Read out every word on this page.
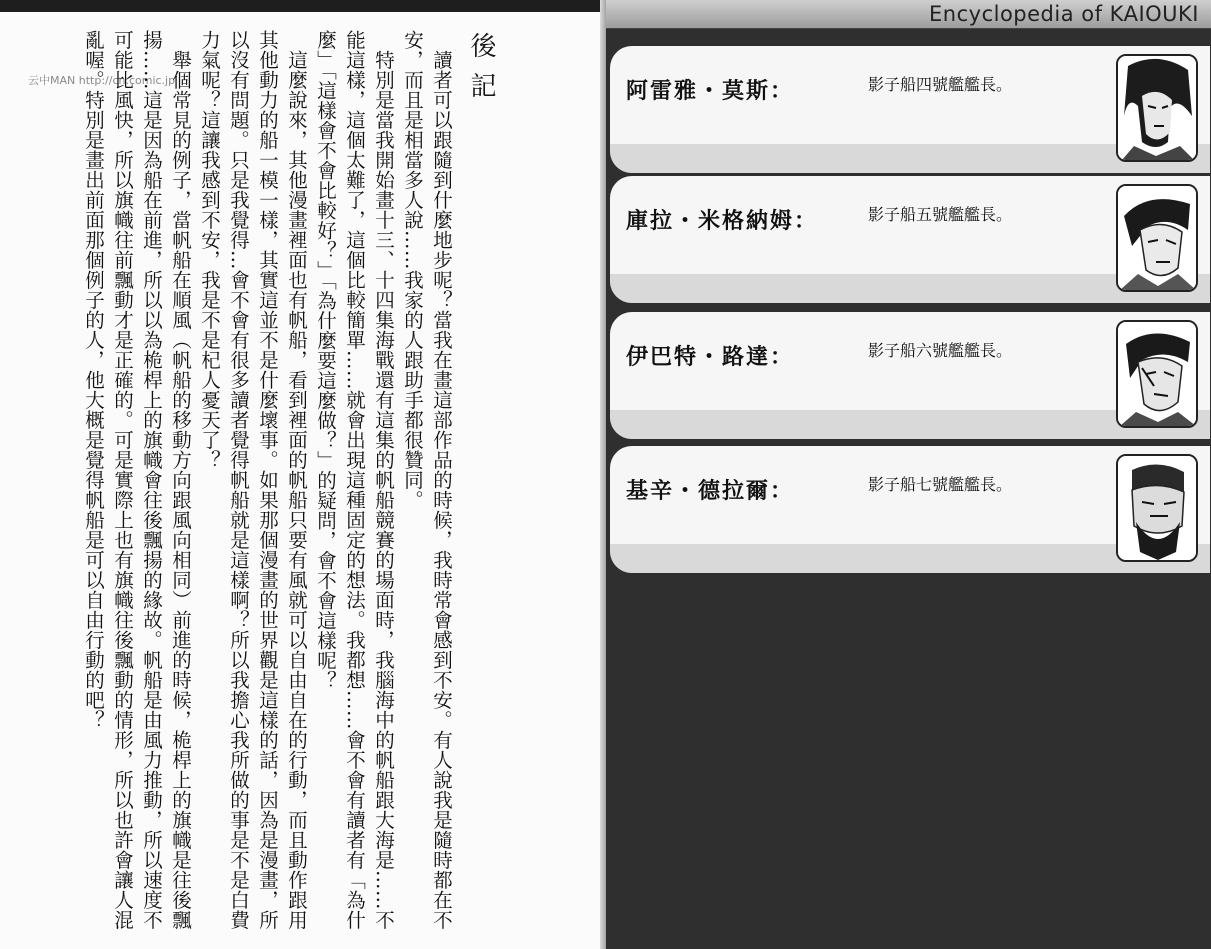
云中MAN http://cn.comic.jp	後記

讀者可以跟隨到什麼地步呢？當我在畫這部作品的時候，我時常會感到不安。有人說我是隨時都在不安，而且是相當多人說……我家的人跟助手都很贊同。

特別是當我開始畫十三、十四集海戰還有這集的帆船競賽的場面時，我腦海中的帆船跟大海是……不能這樣，這個太難了，這個比較簡單……就會出現這種固定的想法。我都想……會不會有讀者有「為什麼」「這樣會不會比較好？」「為什麼要這麼做？」的疑問，會不會這樣呢？

這麼說來，其他漫畫裡面也有帆船，看到裡面的帆船只要有風就可以自由自在的行動，而且動作跟用其他動力的船一模一樣，其實這並不是什麼壞事。如果那個漫畫的世界觀是這樣的話，因為是漫畫，所以沒有問題。只是我覺得…會不會有很多讀者覺得帆船就是這樣啊？所以我擔心我所做的事是不是白費力氣呢？這讓我感到不安，我是不是杞人憂天了？

舉個常見的例子，當帆船在順風（帆船的移動方向跟風向相同）前進的時候，桅桿上的旗幟是往後飄揚……這是因為船在前進，所以以為桅桿上的旗幟會往後飄揚的緣故。帆船是由風力推動，所以速度不可能比風快，所以旗幟往前飄動才是正確的。可是實際上也有旗幟往後飄動的情形，所以也許會讓人混亂喔。特別是畫出前面那個例子的人，他大概是覺得帆船是可以自由行動的吧？

Encyclopedia of KAIOUKI
阿雷雅・莫斯：	影子船四號艦艦長。
庫拉・米格納姆：	影子船五號艦艦長。
伊巴特・路達：	影子船六號艦艦長。
基辛・德拉爾：	影子船七號艦艦長。
